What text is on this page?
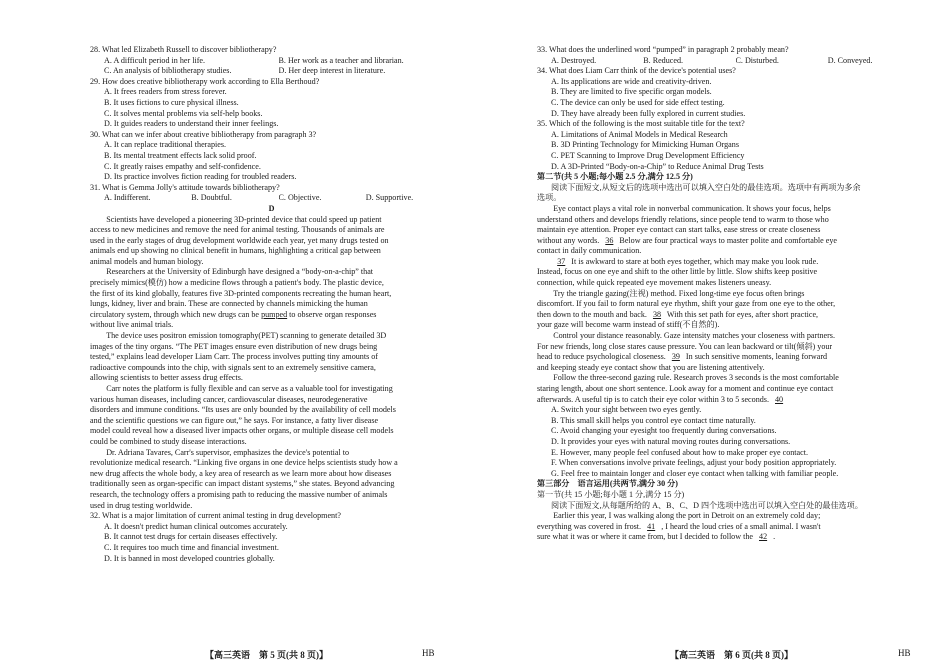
28. What led Elizabeth Russell to discover bibliotherapy?
A. A difficult period in her life.	B. Her work as a teacher and librarian.
C. An analysis of bibliotherapy studies.	D. Her deep interest in literature.
29. How does creative bibliotherapy work according to Ella Berthoud?
A. It frees readers from stress forever.
B. It uses fictions to cure physical illness.
C. It solves mental problems via self-help books.
D. It guides readers to understand their inner feelings.
30. What can we infer about creative bibliotherapy from paragraph 3?
A. It can replace traditional therapies.
B. Its mental treatment effects lack solid proof.
C. It greatly raises empathy and self-confidence.
D. Its practice involves fiction reading for troubled readers.
31. What is Gemma Jolly's attitude towards bibliotherapy?
A. Indifferent.	B. Doubtful.	C. Objective.	D. Supportive.
D
Scientists have developed a pioneering 3D-printed device that could speed up patient
access to new medicines and remove the need for animal testing. Thousands of animals are
used in the early stages of drug development worldwide each year, yet many drugs tested on
animals end up showing no clinical benefit in humans, highlighting a critical gap between
animal models and human biology.
Researchers at the University of Edinburgh have designed a “body-on-a-chip” that
precisely mimics(模仿) how a medicine flows through a patient's body. The plastic device,
the first of its kind globally, features five 3D-printed components recreating the human heart,
lungs, kidney, liver and brain. These are connected by channels mimicking the human
circulatory system, through which new drugs can be pumped to observe organ responses
without live animal trials.
The device uses positron emission tomography(PET) scanning to generate detailed 3D
images of the tiny organs. “The PET images ensure even distribution of new drugs being
tested,” explains lead developer Liam Carr. The process involves putting tiny amounts of
radioactive compounds into the chip, with signals sent to an extremely sensitive camera,
allowing scientists to better assess drug effects.
Carr notes the platform is fully flexible and can serve as a valuable tool for investigating
various human diseases, including cancer, cardiovascular diseases, neurodegenerative
disorders and immune conditions. “Its uses are only bounded by the availability of cell models
and the scientific questions we can figure out,” he says. For instance, a fatty liver disease
model could reveal how a diseased liver impacts other organs, or multiple disease cell models
could be combined to study disease interactions.
Dr. Adriana Tavares, Carr's supervisor, emphasizes the device's potential to
revolutionize medical research. “Linking five organs in one device helps scientists study how a
new drug affects the whole body, a key area of research as we learn more about how diseases
traditionally seen as organ-specific can impact distant systems,” she states. Beyond advancing
research, the technology offers a promising path to reducing the massive number of animals
used in drug testing worldwide.
32. What is a major limitation of current animal testing in drug development?
A. It doesn't predict human clinical outcomes accurately.
B. It cannot test drugs for certain diseases effectively.
C. It requires too much time and financial investment.
D. It is banned in most developed countries globally.
【高三英语　第 5 页(共 8 页)】	HB
33. What does the underlined word “pumped” in paragraph 2 probably mean?
A. Destroyed.	B. Reduced.	C. Disturbed.	D. Conveyed.
34. What does Liam Carr think of the device's potential uses?
A. Its applications are wide and creativity-driven.
B. They are limited to five specific organ models.
C. The device can only be used for side effect testing.
D. They have already been fully explored in current studies.
35. Which of the following is the most suitable title for the text?
A. Limitations of Animal Models in Medical Research
B. 3D Printing Technology for Mimicking Human Organs
C. PET Scanning to Improve Drug Development Efficiency
D. A 3D-Printed “Body-on-a-Chip” to Reduce Animal Drug Tests
第二节(共 5 小题;每小题 2.5 分,满分 12.5 分)
阅读下面短文,从短文后的选项中选出可以填入空白处的最佳选项。选项中有两项为多余
选项。
Eye contact plays a vital role in nonverbal communication. It shows your focus, helps
understand others and develops friendly relations, since people tend to warm to those who
maintain eye attention. Proper eye contact can start talks, ease stress or create closeness
without any words. 36 Below are four practical ways to master polite and comfortable eye
contact in daily communication.
37 It is awkward to stare at both eyes together, which may make you look rude.
Instead, focus on one eye and shift to the other little by little. Slow shifts keep positive
connection, while quick repeated eye movement makes listeners uneasy.
Try the triangle gazing(注视) method. Fixed long-time eye focus often brings
discomfort. If you fail to form natural eye rhythm, shift your gaze from one eye to the other,
then down to the mouth and back. 38 With this set path for eyes, after short practice,
your gaze will become warm instead of stiff(不自然的).
Control your distance reasonably. Gaze intensity matches your closeness with partners.
For new friends, long close stares cause pressure. You can lean backward or tilt(倾斜) your
head to reduce psychological closeness. 39 In such sensitive moments, leaning forward
and keeping steady eye contact show that you are listening attentively.
Follow the three-second gazing rule. Research proves 3 seconds is the most comfortable
staring length, about one short sentence. Look away for a moment and continue eye contact
afterwards. A useful tip is to catch their eye color within 3 to 5 seconds. 40
A. Switch your sight between two eyes gently.
B. This small skill helps you control eye contact time naturally.
C. Avoid changing your eyesight too frequently during conversations.
D. It provides your eyes with natural moving routes during conversations.
E. However, many people feel confused about how to make proper eye contact.
F. When conversations involve private feelings, adjust your body position appropriately.
G. Feel free to maintain longer and closer eye contact when talking with familiar people.
第三部分　语言运用(共两节,满分 30 分)
第一节(共 15 小题;每小题 1 分,满分 15 分)
阅读下面短文,从每题所给的 A、B、C、D 四个选项中选出可以填入空白处的最佳选项。
Earlier this year, I was walking along the port in Detroit on an extremely cold day;
everything was covered in frost. 41 , I heard the loud cries of a small animal. I wasn't
sure what it was or where it came from, but I decided to follow the 42 .
【高三英语　第 6 页(共 8 页)】	HB
